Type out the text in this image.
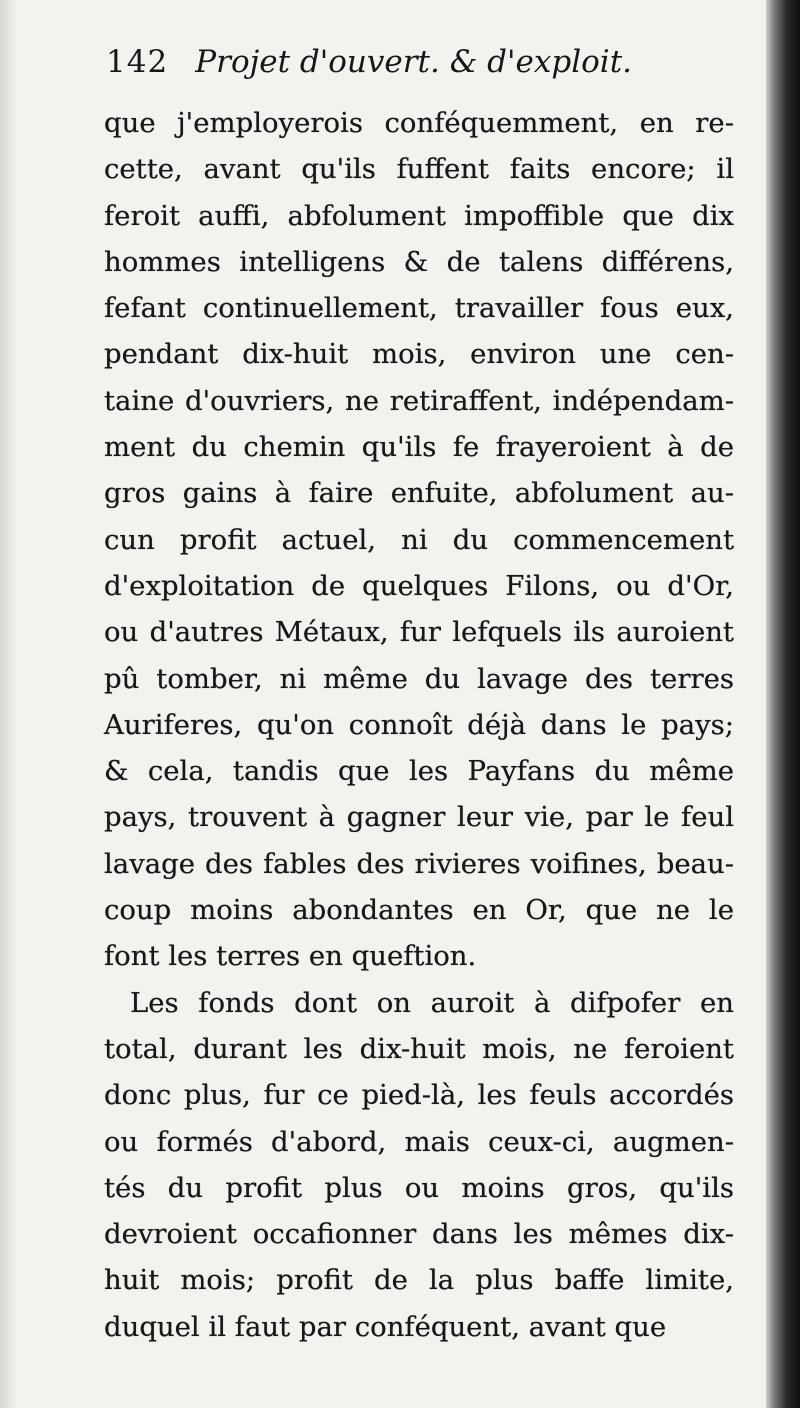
142 Projet d'ouvert. & d'exploit.
que j'employerois conféquemment, en re-
cette, avant qu'ils fuffent faits encore; il
feroit auffi, abfolument impoffible que dix
hommes intelligens & de talens différens,
fefant continuellement, travailler fous eux,
pendant dix-huit mois, environ une cen-
taine d'ouvriers, ne retiraffent, indépendam-
ment du chemin qu'ils fe frayeroient à de
gros gains à faire enfuite, abfolument au-
cun profit actuel, ni du commencement
d'exploitation de quelques Filons, ou d'Or,
ou d'autres Métaux, fur lefquels ils auroient
pû tomber, ni même du lavage des terres
Auriferes, qu'on connoît déjà dans le pays;
& cela, tandis que les Payfans du même
pays, trouvent à gagner leur vie, par le feul
lavage des fables des rivieres voifines, beau-
coup moins abondantes en Or, que ne le
font les terres en queftion.
Les fonds dont on auroit à difpofer en
total, durant les dix-huit mois, ne feroient
donc plus, fur ce pied-là, les feuls accordés
ou formés d'abord, mais ceux-ci, augmen-
tés du profit plus ou moins gros, qu'ils
devroient occafionner dans les mêmes dix-
huit mois; profit de la plus baffe limite,
duquel il faut par conféquent, avant que
